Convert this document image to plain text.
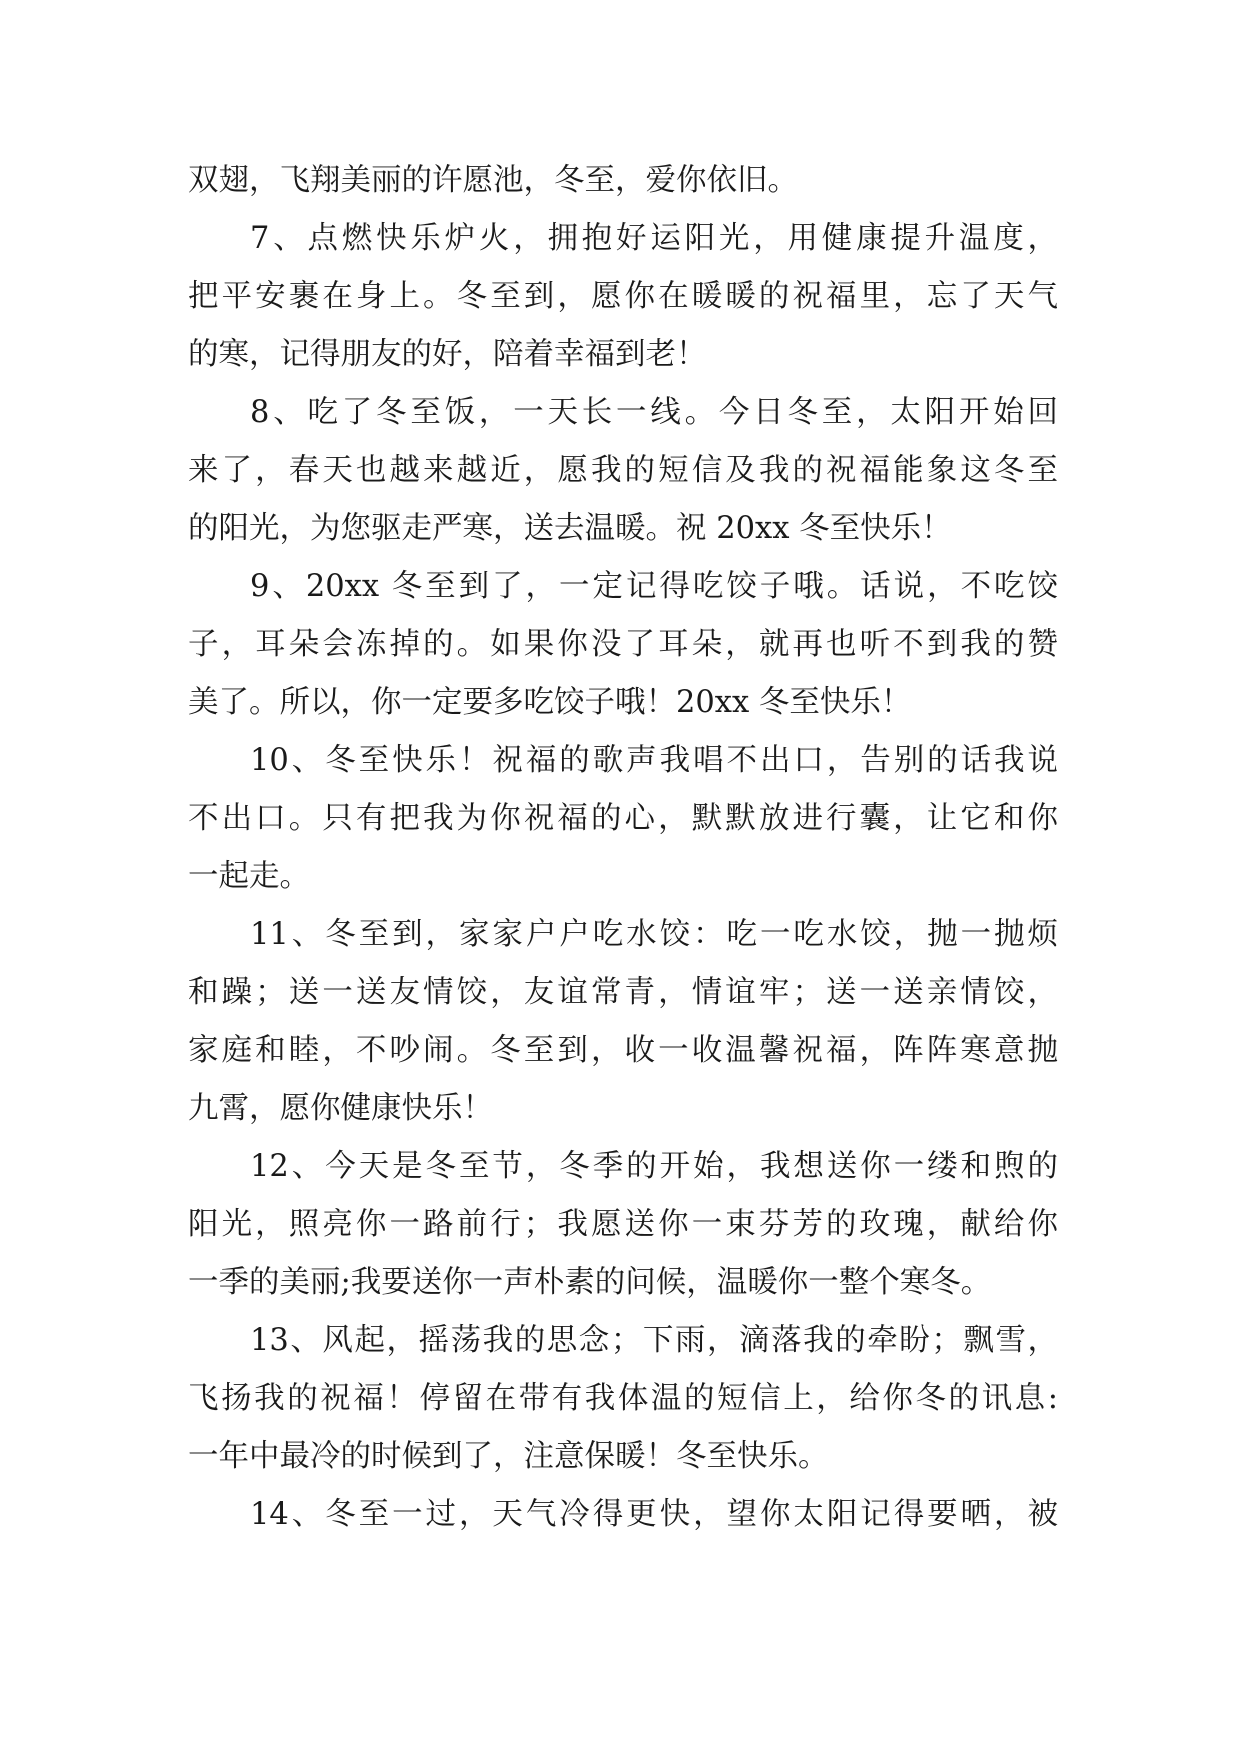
双翅，飞翔美丽的许愿池，冬至，爱你依旧。
7、点燃快乐炉火，拥抱好运阳光，用健康提升温度，
把平安裹在身上。冬至到，愿你在暖暖的祝福里，忘了天气
的寒，记得朋友的好，陪着幸福到老！
8、吃了冬至饭，一天长一线。今日冬至，太阳开始回
来了，春天也越来越近，愿我的短信及我的祝福能象这冬至
的阳光，为您驱走严寒，送去温暖。祝 20xx 冬至快乐！
9、20xx 冬至到了，一定记得吃饺子哦。话说，不吃饺
子，耳朵会冻掉的。如果你没了耳朵，就再也听不到我的赞
美了。所以，你一定要多吃饺子哦！20xx 冬至快乐！
10、冬至快乐！祝福的歌声我唱不出口，告别的话我说
不出口。只有把我为你祝福的心，默默放进行囊，让它和你
一起走。
11、冬至到，家家户户吃水饺：吃一吃水饺，抛一抛烦
和躁；送一送友情饺，友谊常青，情谊牢；送一送亲情饺，
家庭和睦，不吵闹。冬至到，收一收温馨祝福，阵阵寒意抛
九霄，愿你健康快乐！
12、今天是冬至节，冬季的开始，我想送你一缕和煦的
阳光，照亮你一路前行；我愿送你一束芬芳的玫瑰，献给你
一季的美丽;我要送你一声朴素的问候，温暖你一整个寒冬。
13、风起，摇荡我的思念；下雨，滴落我的牵盼；飘雪，
飞扬我的祝福！停留在带有我体温的短信上，给你冬的讯息:
一年中最冷的时候到了，注意保暖！冬至快乐。
14、冬至一过，天气冷得更快，望你太阳记得要晒，被
